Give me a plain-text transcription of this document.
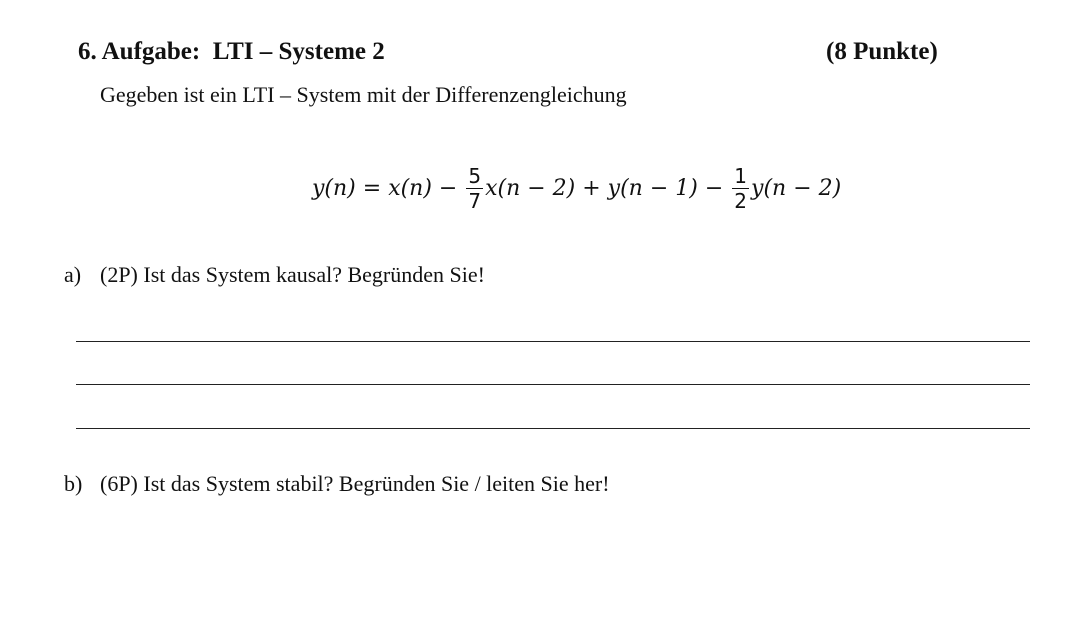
6. Aufgabe:  LTI – Systeme 2	(8 Punkte)
Gegeben ist ein LTI – System mit der Differenzengleichung
$y(n) = x(n) - \frac{5}{7} x(n - 2) + y(n - 1) - \frac{1}{2} y(n - 2)$
a) (2P) Ist das System kausal? Begründen Sie!
b) (6P) Ist das System stabil? Begründen Sie / leiten Sie her!
